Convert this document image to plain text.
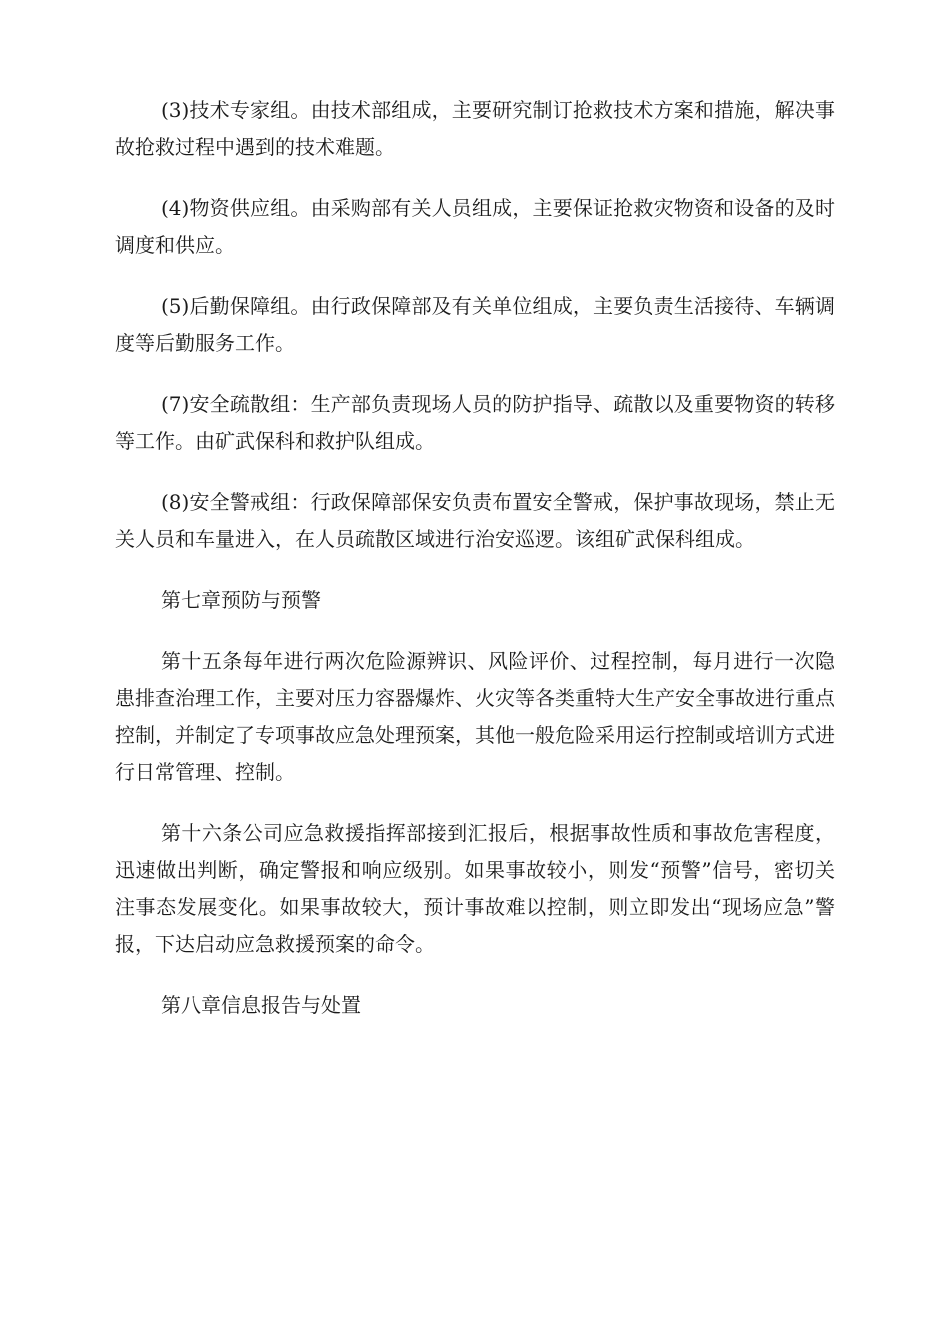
(3)技术专家组。由技术部组成，主要研究制订抢救技术方案和措施，解决事故抢救过程中遇到的技术难题。

(4)物资供应组。由采购部有关人员组成，主要保证抢救灾物资和设备的及时调度和供应。

(5)后勤保障组。由行政保障部及有关单位组成，主要负责生活接待、车辆调度等后勤服务工作。

(7)安全疏散组：生产部负责现场人员的防护指导、疏散以及重要物资的转移等工作。由矿武保科和救护队组成。

(8)安全警戒组：行政保障部保安负责布置安全警戒，保护事故现场，禁止无关人员和车量进入，在人员疏散区域进行治安巡逻。该组矿武保科组成。

第七章预防与预警

第十五条每年进行两次危险源辨识、风险评价、过程控制，每月进行一次隐患排查治理工作，主要对压力容器爆炸、火灾等各类重特大生产安全事故进行重点控制，并制定了专项事故应急处理预案，其他一般危险采用运行控制或培训方式进行日常管理、控制。

第十六条公司应急救援指挥部接到汇报后，根据事故性质和事故危害程度，迅速做出判断，确定警报和响应级别。如果事故较小，则发“预警”信号，密切关注事态发展变化。如果事故较大，预计事故难以控制，则立即发出“现场应急”警报，下达启动应急救援预案的命令。

第八章信息报告与处置
